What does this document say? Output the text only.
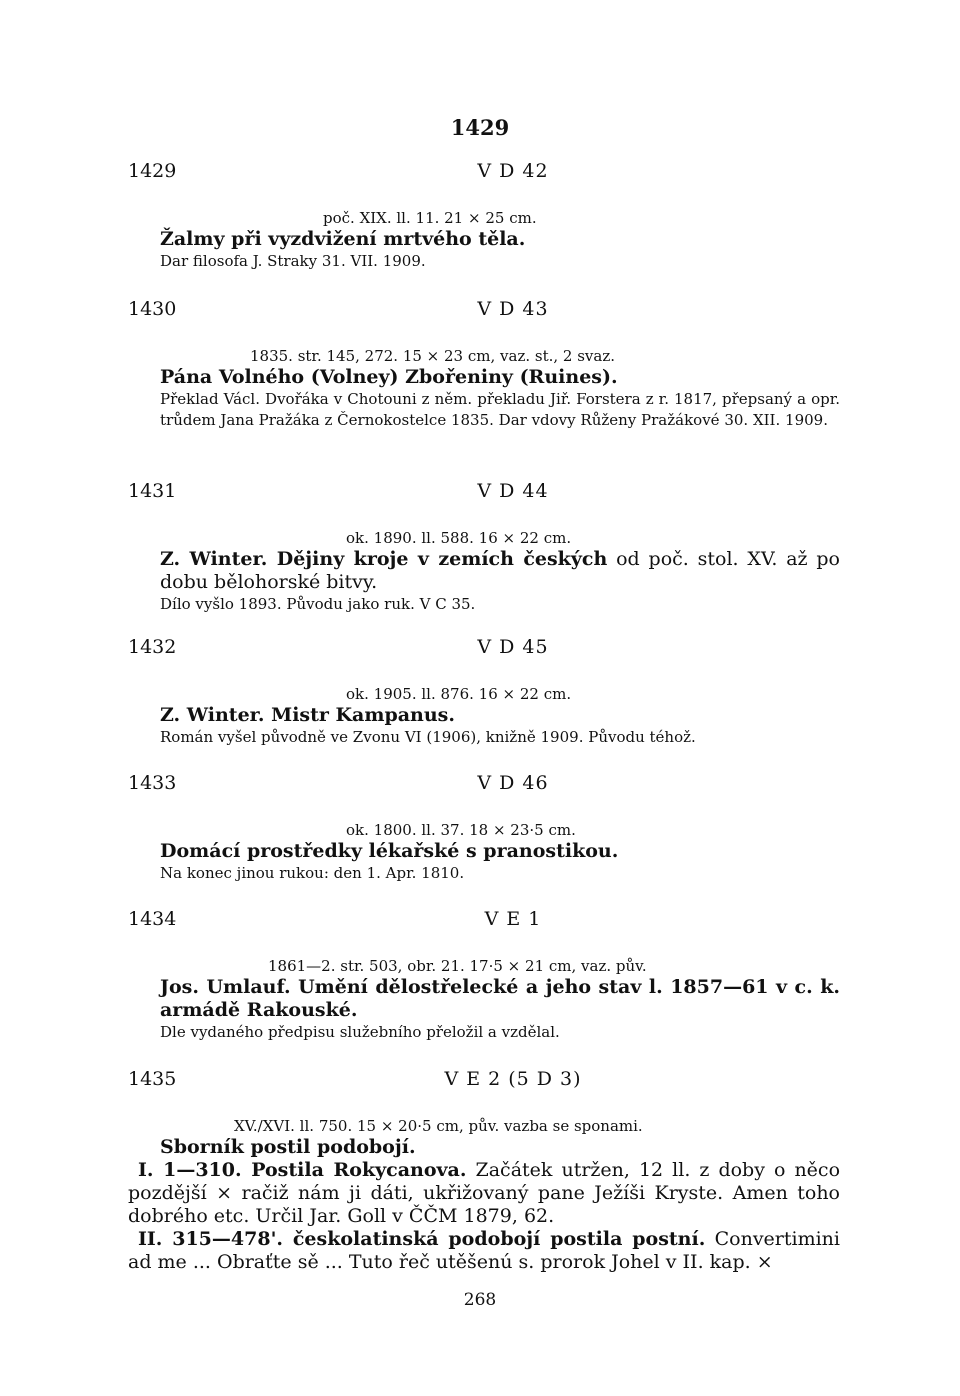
1429
1429	V D 42
poč. XIX. ll. 11. 21 × 25 cm.
Žalmy při vyzdvižení mrtvého těla.
Dar filosofa J. Straky 31. VII. 1909.
1430	V D 43
1835. str. 145, 272. 15 × 23 cm, vaz. st., 2 svaz.
Pána Volného (Volney) Zbořeniny (Ruines).
Překlad Václ. Dvořáka v Chotouni z něm. překladu Jiř. Forstera z r. 1817, přepsaný a opr. trůdem Jana Pražáka z Černokostelce 1835. Dar vdovy Růženy Pražákové 30. XII. 1909.
1431	V D 44
ok. 1890. ll. 588. 16 × 22 cm.
Z. Winter. Dějiny kroje v zemích českých od poč. stol. XV. až po dobu bělohorské bitvy.
Dílo vyšlo 1893. Původu jako ruk. V C 35.
1432	V D 45
ok. 1905. ll. 876. 16 × 22 cm.
Z. Winter. Mistr Kampanus.
Román vyšel původně ve Zvonu VI (1906), knižně 1909. Původu téhož.
1433	V D 46
ok. 1800. ll. 37. 18 × 23·5 cm.
Domácí prostředky lékařské s pranostikou.
Na konec jinou rukou: den 1. Apr. 1810.
1434	V E 1
1861—2. str. 503, obr. 21. 17·5 × 21 cm, vaz. pův.
Jos. Umlauf. Umění dělostřelecké a jeho stav l. 1857—61 v c. k. armádě Rakouské.
Dle vydaného předpisu služebního přeložil a vzdělal.
1435	V E 2 (5 D 3)
XV./XVI. ll. 750. 15 × 20·5 cm, pův. vazba se sponami.
Sborník postil podobojí.

I. 1—310. Postila Rokycanova. Začátek utržen, 12 ll. z doby o něco pozdější × račiž nám ji dáti, ukřižovaný pane Ježíši Kryste. Amen toho dobrého etc. Určil Jar. Goll v ČČM 1879, 62.

II. 315—478'. českolatinská podobojí postila postní. Convertimini ad me ... Obraťte sě ... Tuto řeč utěšenú s. prorok Johel v II. kap. ×

268
